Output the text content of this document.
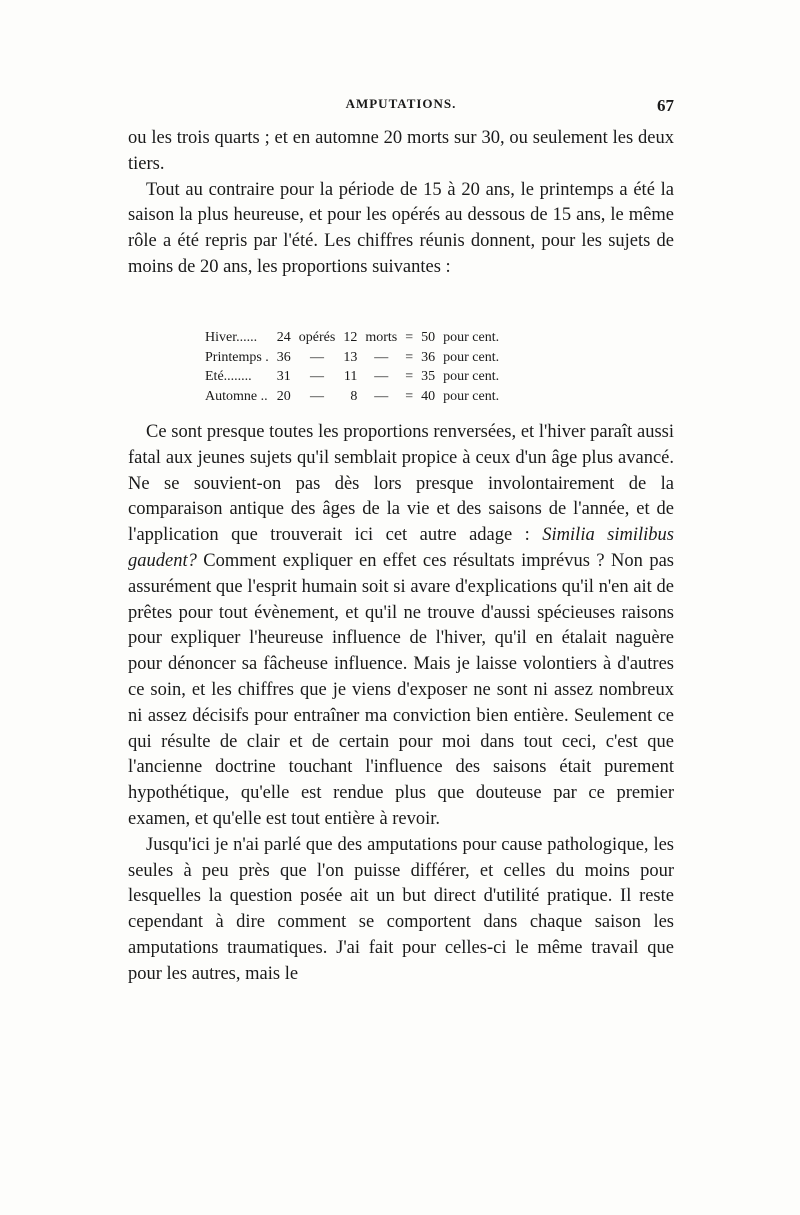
AMPUTATIONS.	67

ou les trois quarts ; et en automne 20 morts sur 30, ou seulement les deux tiers.

Tout au contraire pour la période de 15 à 20 ans, le printemps a été la saison la plus heureuse, et pour les opérés au dessous de 15 ans, le même rôle a été repris par l'été. Les chiffres réunis donnent, pour les sujets de moins de 20 ans, les proportions suivantes :

Hiver......	24	opérés	12	morts	=	50	pour cent.
Printemps .	36	—	13	—	=	36	pour cent.
Eté........	31	—	11	—	=	35	pour cent.
Automne ..	20	—	8	—	=	40	pour cent.

Ce sont presque toutes les proportions renversées, et l'hiver paraît aussi fatal aux jeunes sujets qu'il semblait propice à ceux d'un âge plus avancé. Ne se souvient-on pas dès lors presque involontairement de la comparaison antique des âges de la vie et des saisons de l'année, et de l'application que trouverait ici cet autre adage : Similia similibus gaudent? Comment expliquer en effet ces résultats imprévus ? Non pas assurément que l'esprit humain soit si avare d'explications qu'il n'en ait de prêtes pour tout évènement, et qu'il ne trouve d'aussi spécieuses raisons pour expliquer l'heureuse influence de l'hiver, qu'il en étalait naguère pour dénoncer sa fâcheuse influence. Mais je laisse volontiers à d'autres ce soin, et les chiffres que je viens d'exposer ne sont ni assez nombreux ni assez décisifs pour entraîner ma conviction bien entière. Seulement ce qui résulte de clair et de certain pour moi dans tout ceci, c'est que l'ancienne doctrine touchant l'influence des saisons était purement hypothétique, qu'elle est rendue plus que douteuse par ce premier examen, et qu'elle est tout entière à revoir.

Jusqu'ici je n'ai parlé que des amputations pour cause pathologique, les seules à peu près que l'on puisse différer, et celles du moins pour lesquelles la question posée ait un but direct d'utilité pratique. Il reste cependant à dire comment se comportent dans chaque saison les amputations traumatiques. J'ai fait pour celles-ci le même travail que pour les autres, mais le
